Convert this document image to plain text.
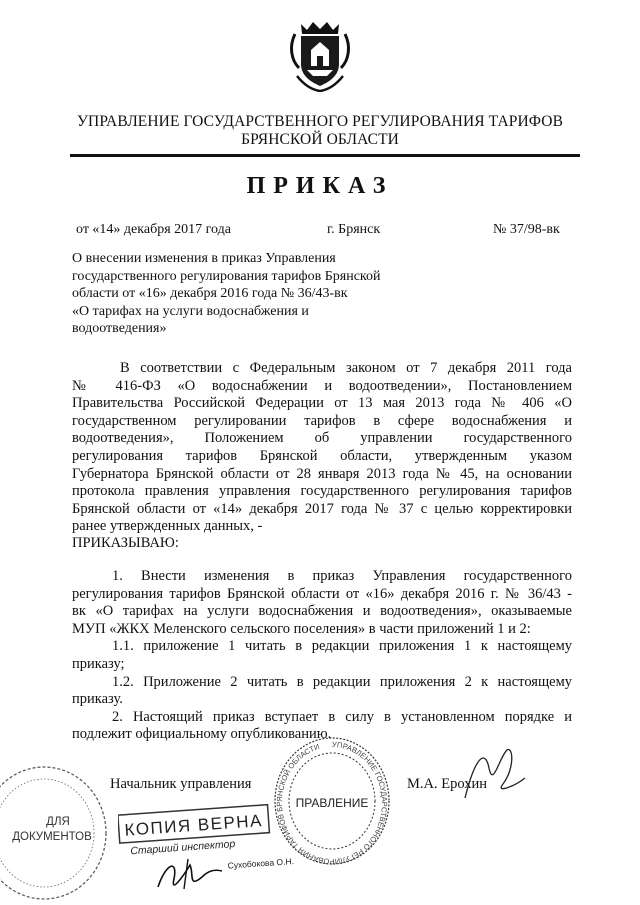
УПРАВЛЕНИЕ ГОСУДАРСТВЕННОГО РЕГУЛИРОВАНИЯ ТАРИФОВ
БРЯНСКОЙ ОБЛАСТИ
ПРИКАЗ
от «14» декабря 2017 года	г. Брянск	№ 37/98-вк
О внесении изменения в приказ Управления
государственного регулирования тарифов Брянской
области от «16» декабря 2016 года № 36/43-вк
«О тарифах на услуги водоснабжения и
водоотведения»
В соответствии с Федеральным законом от 7 декабря 2011 года
№ 416-ФЗ «О водоснабжении и водоотведении», Постановлением
Правительства Российской Федерации от 13 мая 2013 года № 406 «О
государственном регулировании тарифов в сфере водоснабжения и
водоотведения», Положением об управлении государственного
регулирования тарифов Брянской области, утвержденным указом
Губернатора Брянской области от 28 января 2013 года № 45, на основании
протокола правления управления государственного регулирования тарифов
Брянской области от «14» декабря 2017 года № 37 с целью корректировки
ранее утвержденных данных, -
ПРИКАЗЫВАЮ:
1. Внести изменения в приказ Управления государственного
регулирования тарифов Брянской области от «16» декабря 2016 г. № 36/43 -
вк «О тарифах на услуги водоснабжения и водоотведения», оказываемые
МУП «ЖКХ Меленского сельского поселения» в части приложений 1 и 2:
1.1. приложение 1 читать в редакции приложения 1 к настоящему
приказу;
1.2. Приложение 2 читать в редакции приложения 2 к настоящему
приказу.
2. Настоящий приказ вступает в силу в установленном порядке и
подлежит официальному опубликованию.
УПРАВЛЕНИЕ ГОСУДАРСТВЕННОГО РЕГУЛИРОВАНИЯ ТАРИФОВ БРЯНСКОЙ ОБЛАСТИ
ПРАВЛЕНИЕ
Начальник управления	М.А. Ерохин
ДЛЯ
ДОКУМЕНТОВ КОПИЯ ВЕРНА
Старший инспектор
Сухобокова О.Н.
